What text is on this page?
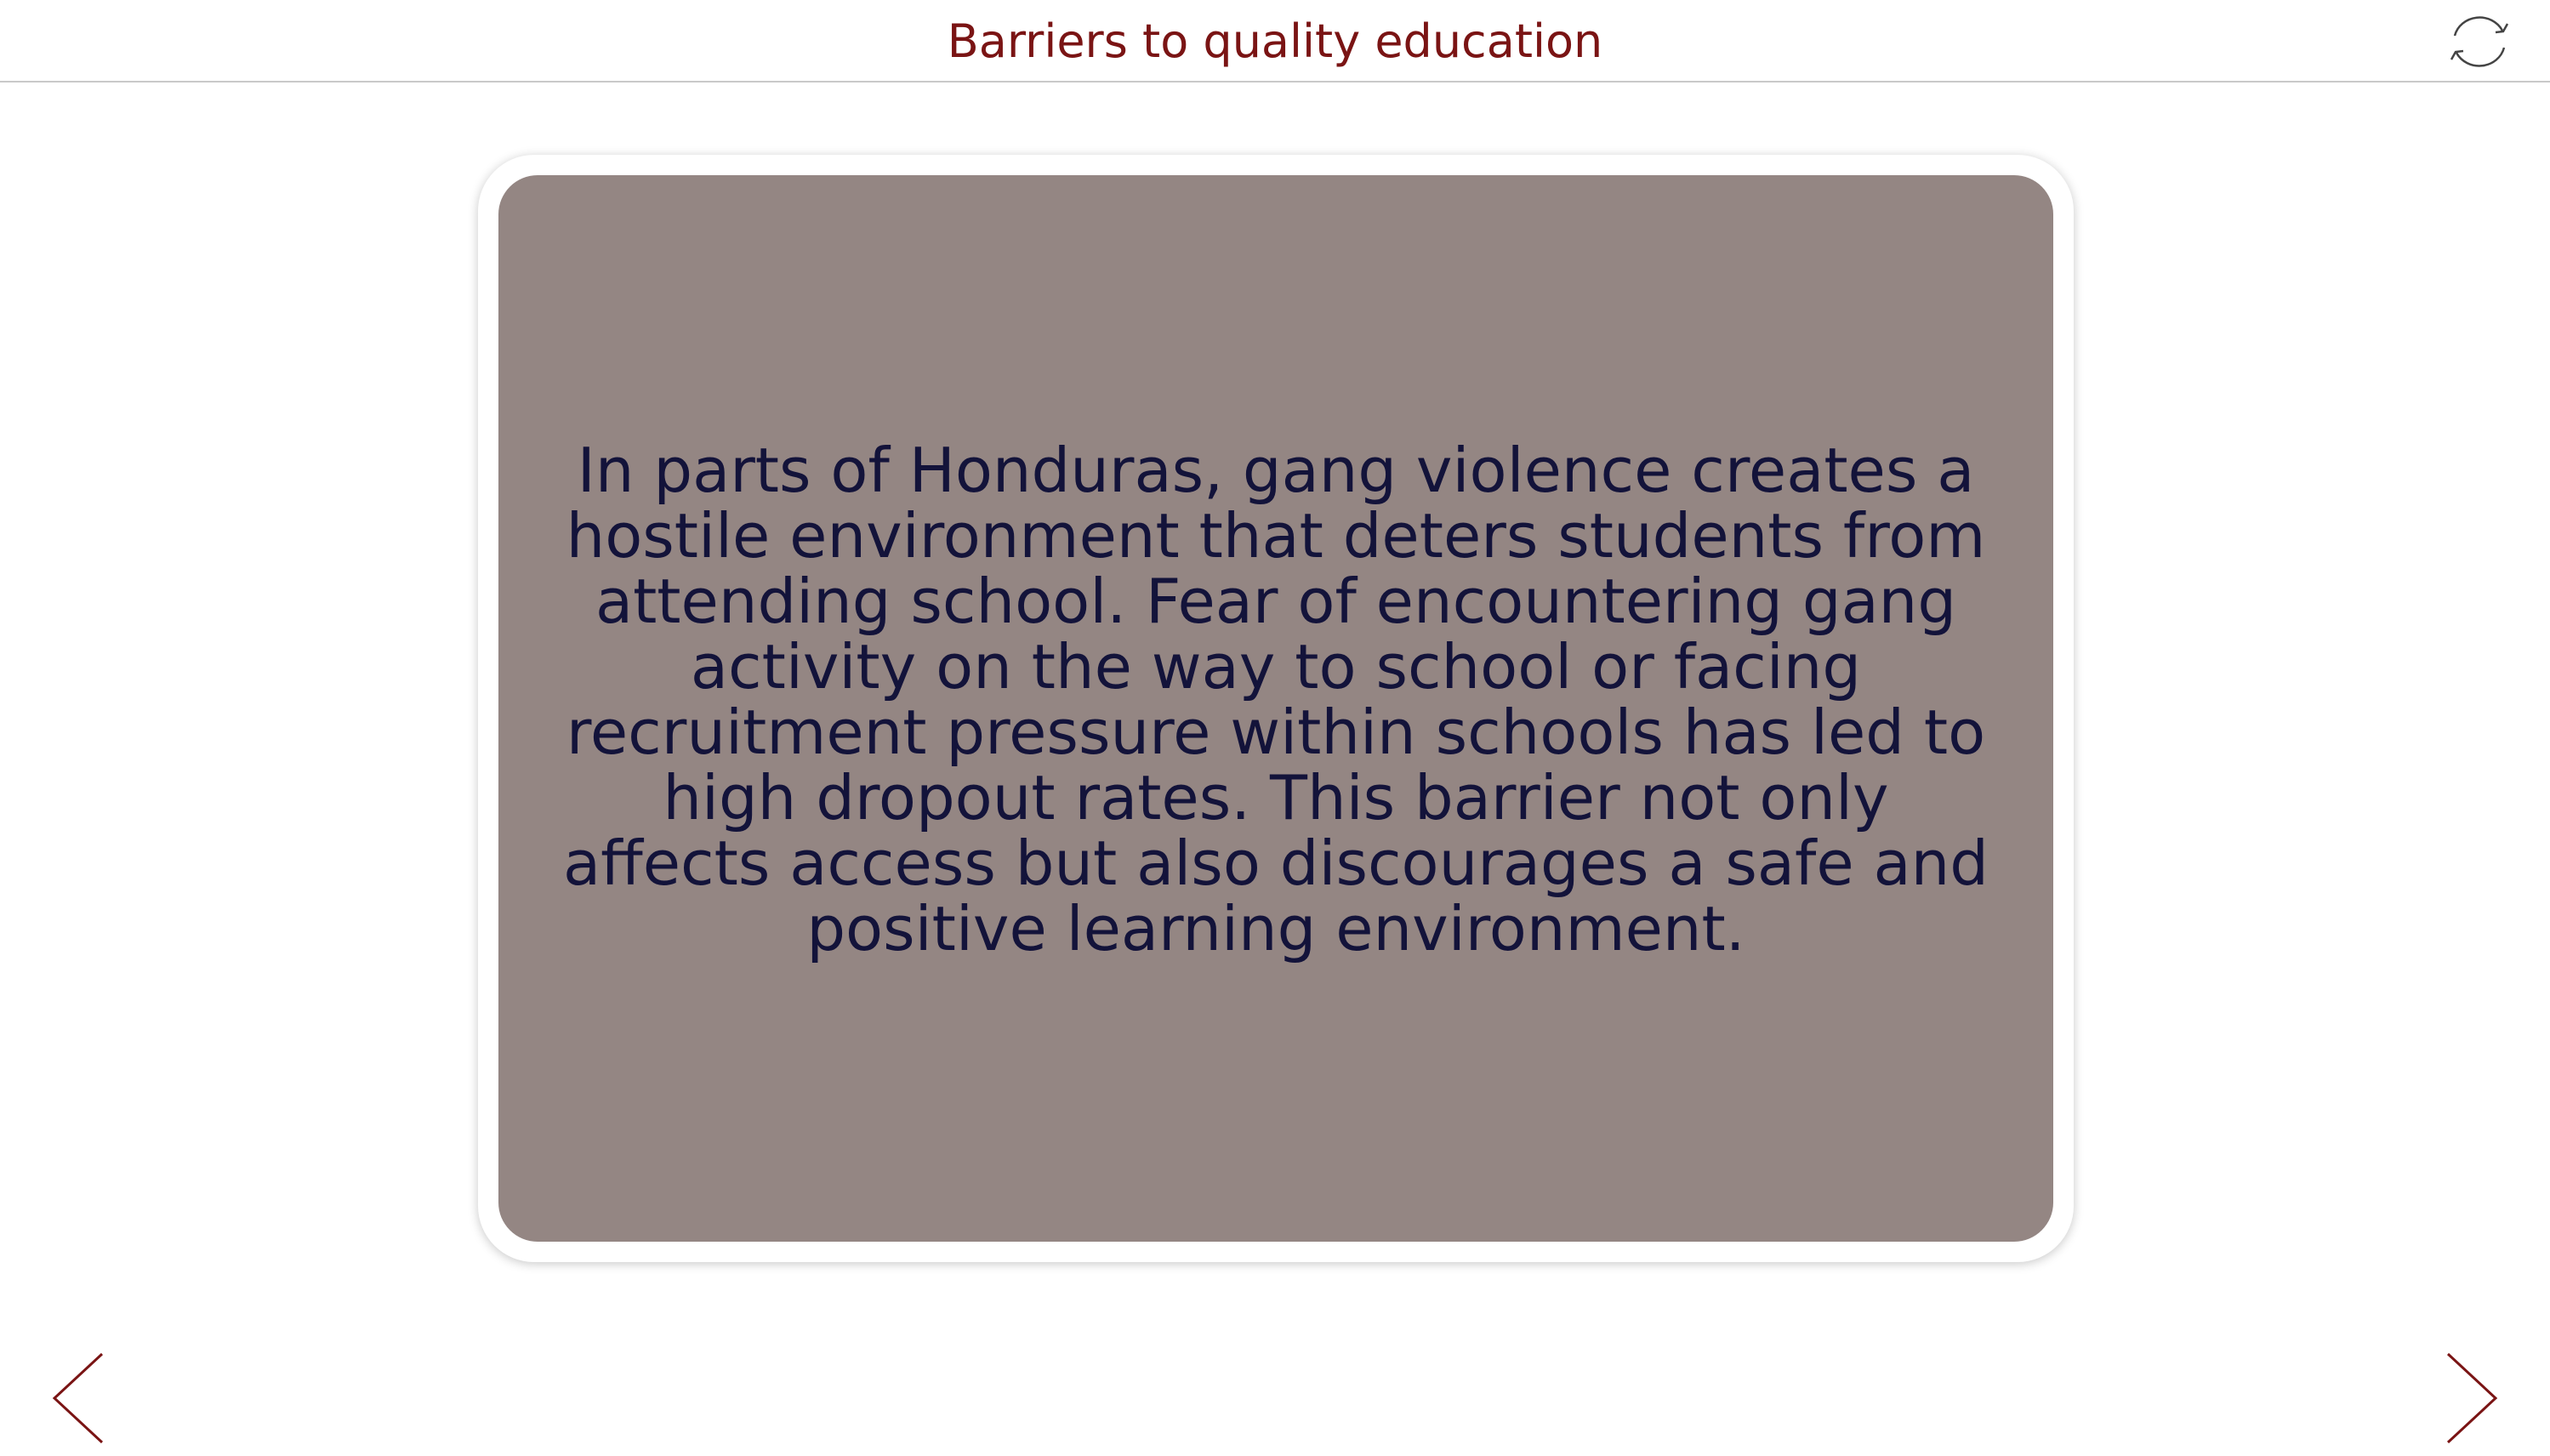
Barriers to quality education
In parts of Honduras, gang violence creates a hostile environment that deters students from attending school. Fear of encountering gang activity on the way to school or facing recruitment pressure within schools has led to high dropout rates. This barrier not only affects access but also discourages a safe and positive learning environment.
